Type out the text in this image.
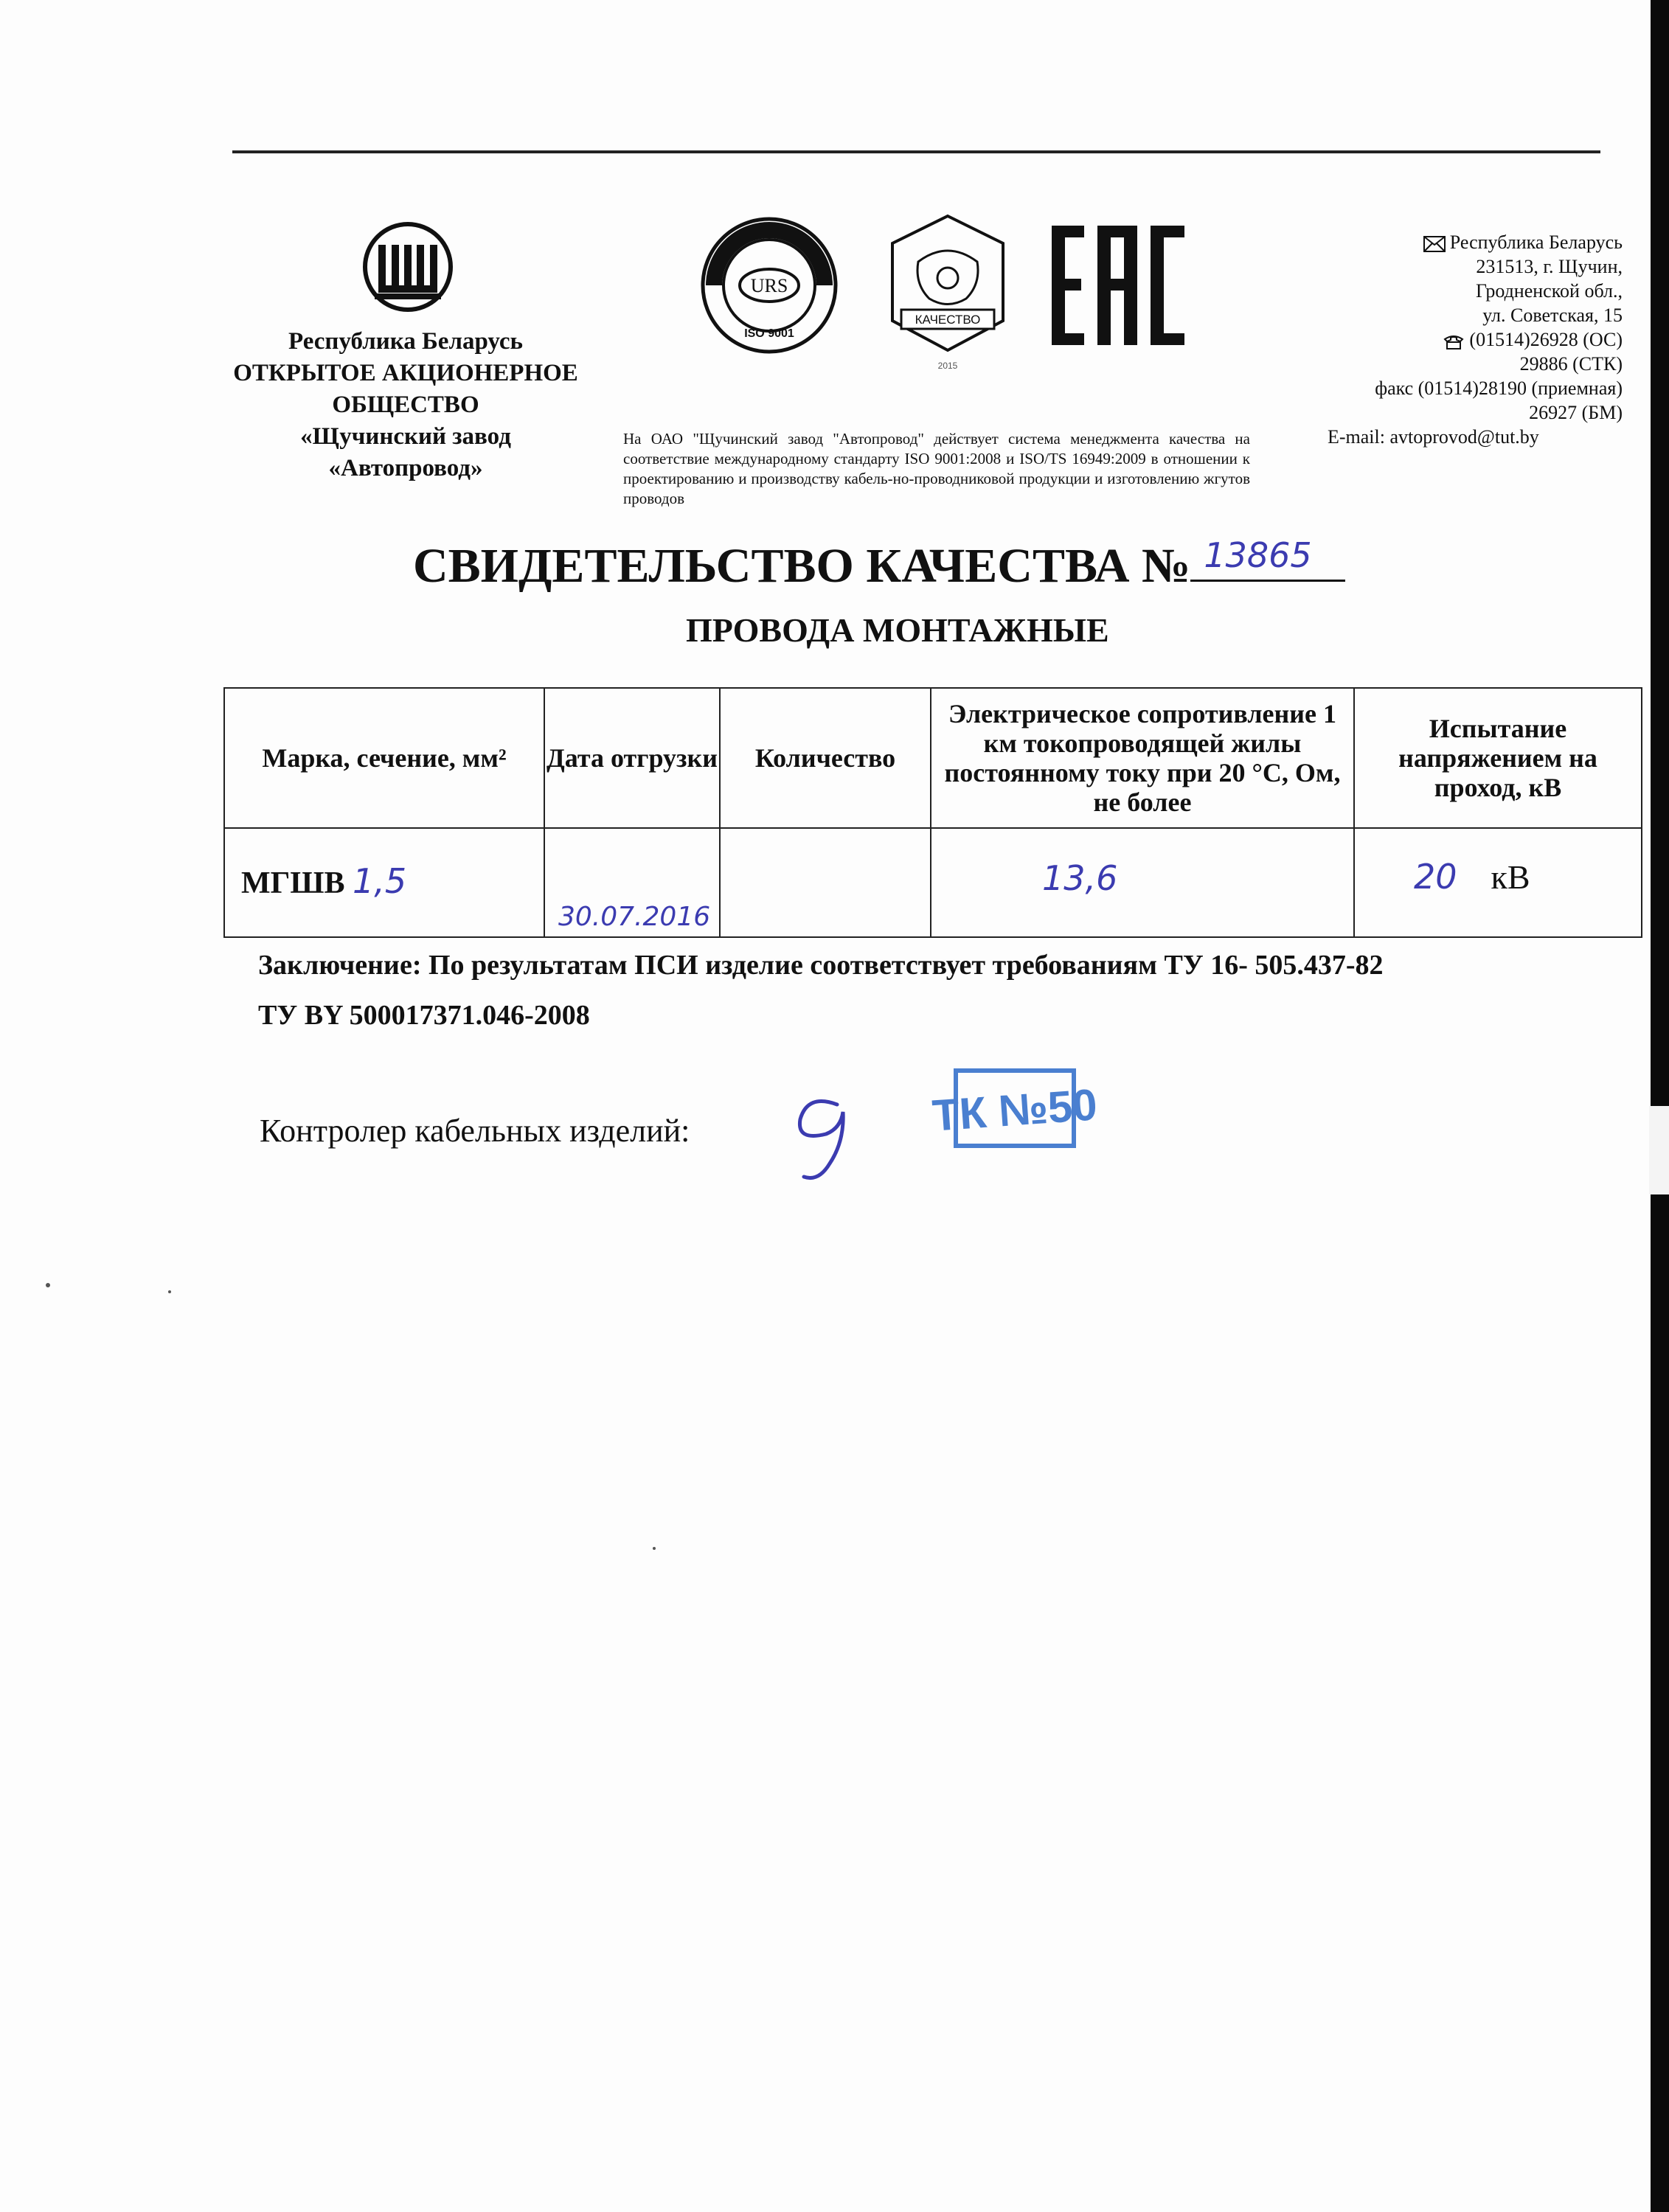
Республика Беларусь
ОТКРЫТОЕ АКЦИОНЕРНОЕ
ОБЩЕСТВО
«Щучинский завод
«Автопровод»
URS
ISO 9001
КАЧЕСТВО
2015
На ОАО "Щучинский завод "Автопровод" действует система менеджмента качества на соответствие международному стандарту ISO 9001:2008 и ISO/TS 16949:2009 в отношении к проектированию и производству кабель-но-проводниковой продукции и изготовлению жгутов проводов
Республика Беларусь
231513, г. Щучин,
Гродненской обл.,
ул. Советская, 15
(01514)26928 (ОС)
29886 (СТК)
факс (01514)28190 (приемная)
26927 (БМ)
E-mail: avtoprovod@tut.by
СВИДЕТЕЛЬСТВО КАЧЕСТВА № 13865
ПРОВОДА МОНТАЖНЫЕ
Марка, сечение, мм²	Дата отгрузки	Количество	Электрическое сопротивление 1 км токопроводящей жилы постоянному току при 20 °С, Ом, не более	Испытание напряжением на проход, кВ

МГШВ 1,5	30.07.2016		13,6	20 кВ
Заключение: По результатам ПСИ изделие соответствует требованиям ТУ 16- 505.437-82
ТУ BY 500017371.046-2008
Контролер кабельных изделий:	ТК №50
